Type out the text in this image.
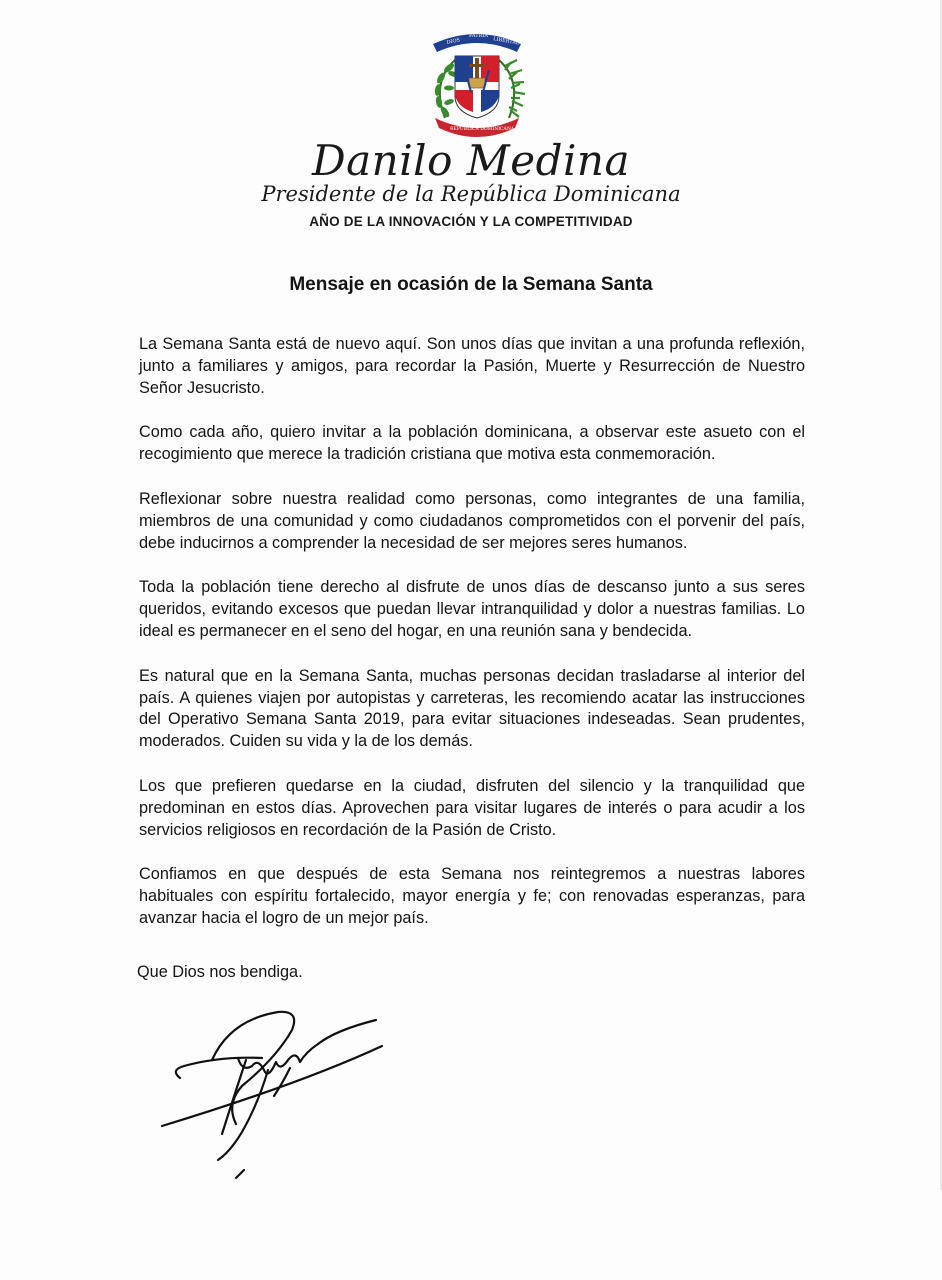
DIOS
PATRIA
LIBERTAD
REPÚBLICA DOMINICANA
Danilo Medina
Presidente de la República Dominicana
AÑO DE LA INNOVACIÓN Y LA COMPETITIVIDAD
Mensaje en ocasión de la Semana Santa

La Semana Santa está de nuevo aquí. Son unos días que invitan a una profunda reflexión, junto a familiares y amigos, para recordar la Pasión, Muerte y Resurrección de Nuestro Señor Jesucristo.

Como cada año, quiero invitar a la población dominicana, a observar este asueto con el recogimiento que merece la tradición cristiana que motiva esta conmemoración.

Reflexionar sobre nuestra realidad como personas, como integrantes de una familia, miembros de una comunidad y como ciudadanos comprometidos con el porvenir del país, debe inducirnos a comprender la necesidad de ser mejores seres humanos.

Toda la población tiene derecho al disfrute de unos días de descanso junto a sus seres queridos, evitando excesos que puedan llevar intranquilidad y dolor a nuestras familias. Lo ideal es permanecer en el seno del hogar, en una reunión sana y bendecida.

Es natural que en la Semana Santa, muchas personas decidan trasladarse al interior del país. A quienes viajen por autopistas y carreteras, les recomiendo acatar las instrucciones del Operativo Semana Santa 2019, para evitar situaciones indeseadas. Sean prudentes, moderados. Cuiden su vida y la de los demás.

Los que prefieren quedarse en la ciudad, disfruten del silencio y la tranquilidad que predominan en estos días. Aprovechen para visitar lugares de interés o para acudir a los servicios religiosos en recordación de la Pasión de Cristo.

Confiamos en que después de esta Semana nos reintegremos a nuestras labores habituales con espíritu fortalecido, mayor energía y fe; con renovadas esperanzas, para avanzar hacia el logro de un mejor país.

Que Dios nos bendiga.
